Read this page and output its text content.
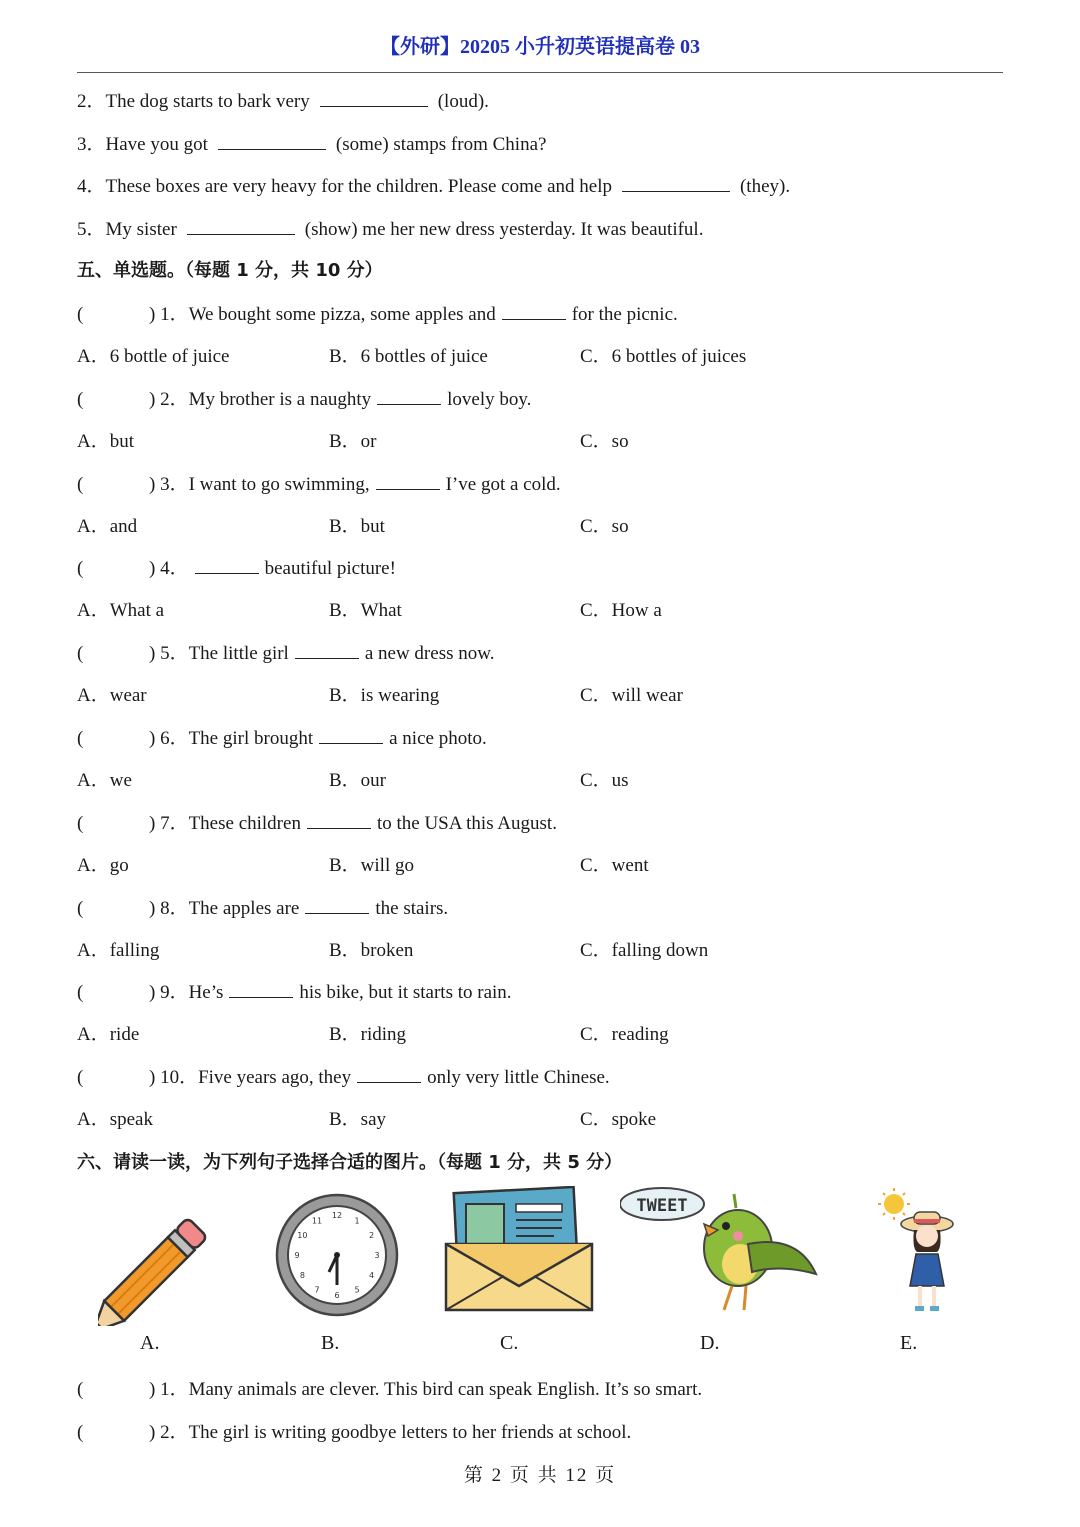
【外研】20205 小升初英语提高卷 03
2．The dog starts to bark very	(loud).
3．Have you got	(some) stamps from China?
4．These boxes are very heavy for the children. Please come and help	(they).
5．My sister	(show) me her new dress yesterday. It was beautiful.
五、单选题。（每题 1 分，共 10 分）
(	) 1．We bought some pizza, some apples and	for the picnic.
A．6 bottle of juice	B．6 bottles of juice	C．6 bottles of juices
(	) 2．My brother is a naughty	lovely boy.
A．but	B．or	C．so
(	) 3．I want to go swimming,	I’ve got a cold.
A．and	B．but	C．so
(	) 4．	beautiful picture!
A．What a	B．What	C．How a
(	) 5．The little girl	a new dress now.
A．wear	B．is wearing	C．will wear
(	) 6．The girl brought	a nice photo.
A．we	B．our	C．us
(	) 7．These children	to the USA this August.
A．go	B．will go	C．went
(	) 8．The apples are	the stairs.
A．falling	B．broken	C．falling down
(	) 9．He’s	his bike, but it starts to rain.
A．ride	B．riding	C．reading
(	) 10．Five years ago, they	only very little Chinese.
A．speak	B．say	C．spoke
六、请读一读，为下列句子选择合适的图片。（每题 1 分，共 5 分）
12
1
2
3
4
5
6
7
8
9
10
11
TWEET
A.	B.	C.	D.	E.
(	) 1．Many animals are clever. This bird can speak English. It’s so smart.
(	) 2．The girl is writing goodbye letters to her friends at school.
第 2 页 共 12 页
